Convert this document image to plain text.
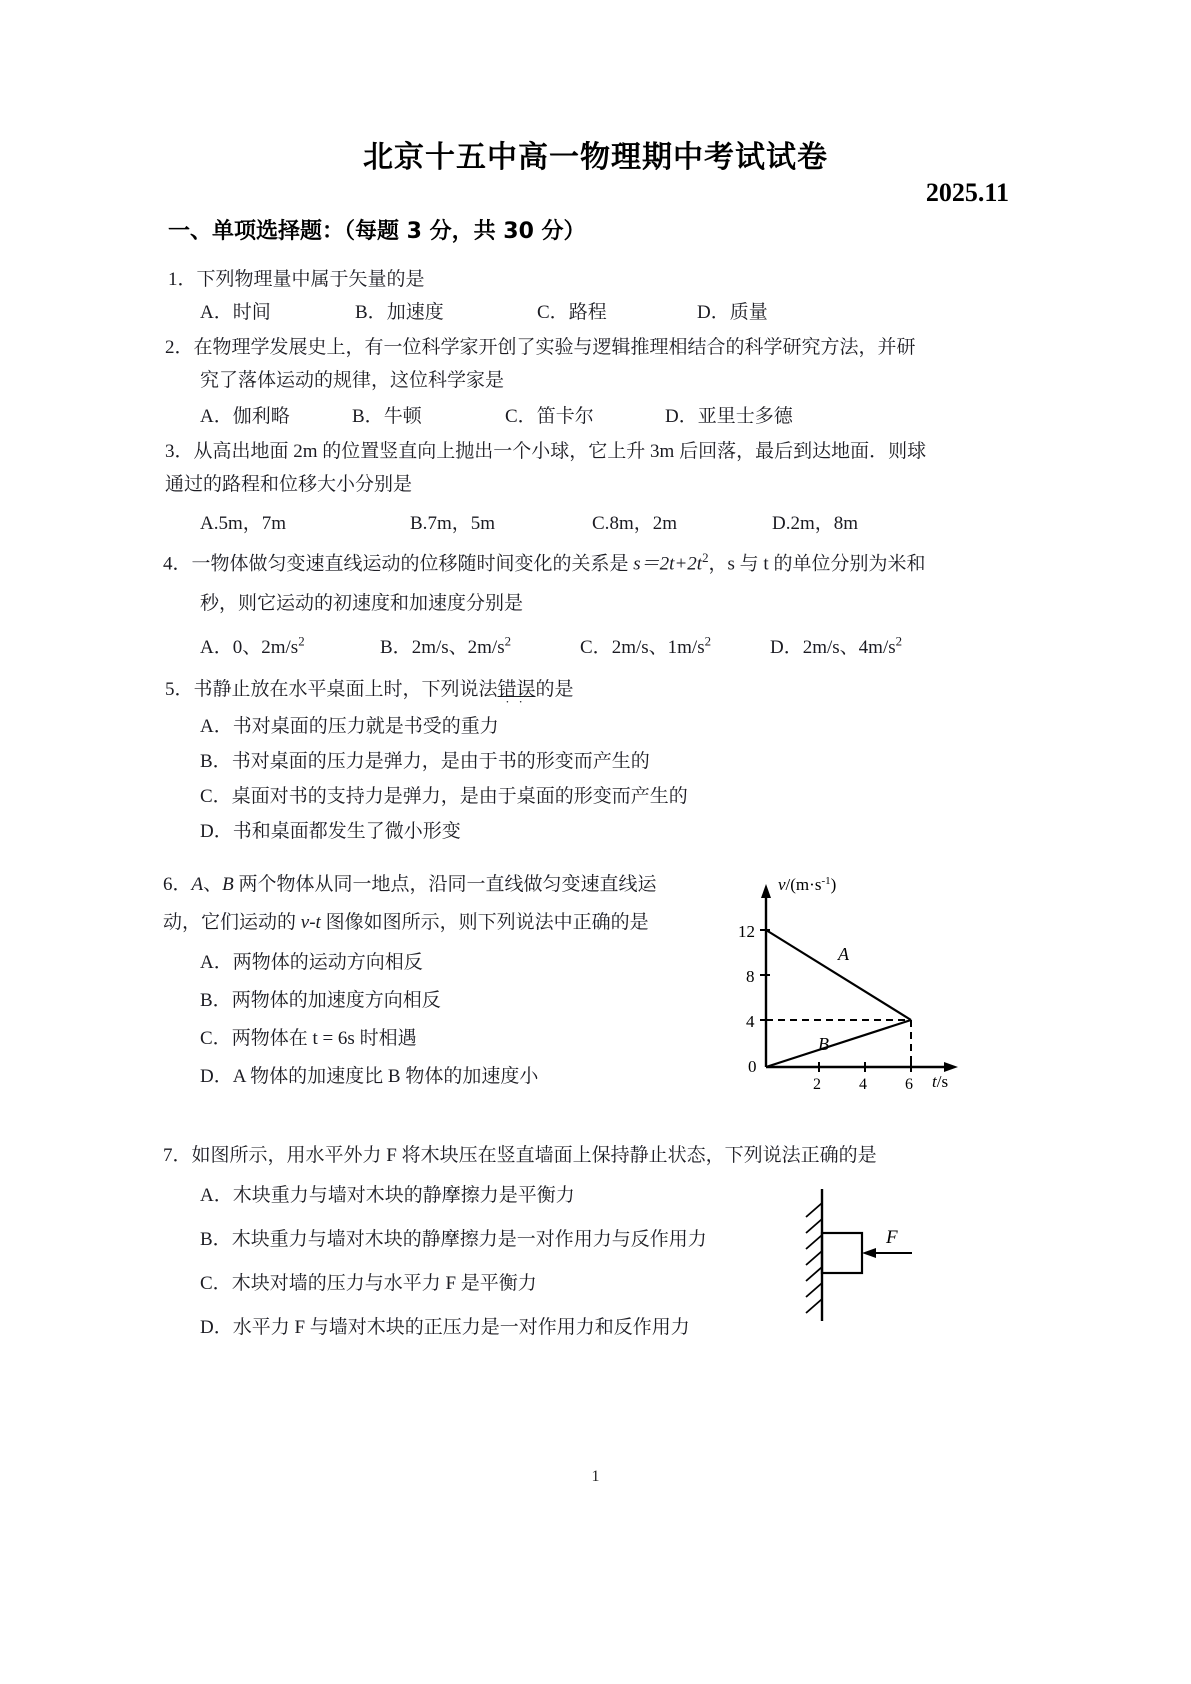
北京十五中高一物理期中考试试卷
2025.11
一、单项选择题：（每题 3 分，共 30 分）
1．下列物理量中属于矢量的是
A．时间	B．加速度	C．路程	D．质量
2．在物理学发展史上，有一位科学家开创了实验与逻辑推理相结合的科学研究方法，并研
究了落体运动的规律，这位科学家是
A．伽利略	B．牛顿	C．笛卡尔	D．亚里士多德
3．从高出地面 2m 的位置竖直向上抛出一个小球，它上升 3m 后回落，最后到达地面．则球
通过的路程和位移大小分别是
A.5m，7m	B.7m，5m	C.8m，2m	D.2m，8m
4．一物体做匀变速直线运动的位移随时间变化的关系是 $s=2t+2t^2$，s 与 t 的单位分别为米和
秒，则它运动的初速度和加速度分别是
A．0、$2m/s^2$	B．2m/s、$2m/s^2$	C．2m/s、$1m/s^2$	D．2m/s、$4m/s^2$
5．书静止放在水平桌面上时，下列说法错误 ··的是
A．书对桌面的压力就是书受的重力
B．书对桌面的压力是弹力，是由于书的形变而产生的
C．桌面对书的支持力是弹力，是由于桌面的形变而产生的
D．书和桌面都发生了微小形变
6．A、B 两个物体从同一地点，沿同一直线做匀变速直线运
动，它们运动的 v-t 图像如图所示，则下列说法中正确的是
A．两物体的运动方向相反
B．两物体的加速度方向相反
C．两物体在 t = 6s 时相遇
D．A 物体的加速度比 B 物体的加速度小
$v/(m\cdot s^{-1})$
t/s
12
8
4
0
2 4 6
A
B
7．如图所示，用水平外力 F 将木块压在竖直墙面上保持静止状态，下列说法正确的是
A．木块重力与墙对木块的静摩擦力是平衡力
B．木块重力与墙对木块的静摩擦力是一对作用力与反作用力
C．木块对墙的压力与水平力 F 是平衡力
D．水平力 F 与墙对木块的正压力是一对作用力和反作用力
F
1
